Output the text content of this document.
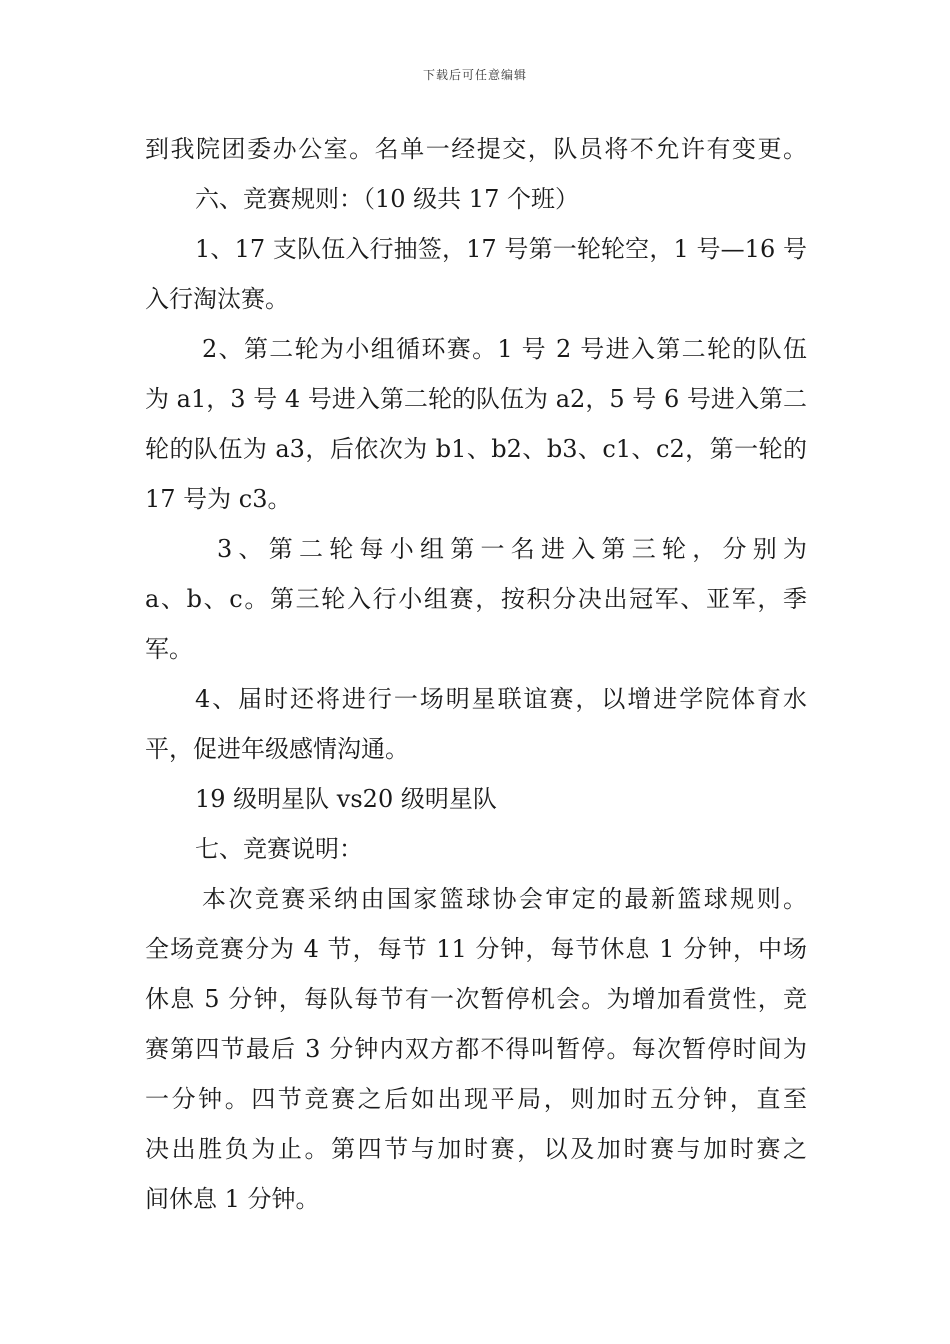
下载后可任意编辑
到我院团委办公室。名单一经提交，队员将不允许有变更。
六、竞赛规则：（10 级共 17 个班）
1、17 支队伍入行抽签，17 号第一轮轮空，1 号—16 号
入行淘汰赛。
2、第二轮为小组循环赛。1 号 2 号进入第二轮的队伍
为 a1，3 号 4 号进入第二轮的队伍为 a2，5 号 6 号进入第二
轮的队伍为 a3，后依次为 b1、b2、b3、c1、c2，第一轮的
17 号为 c3。
3、第二轮每小组第一名进入第三轮，分别为
a、b、c。第三轮入行小组赛，按积分决出冠军、亚军，季
军。
4、届时还将进行一场明星联谊赛，以增进学院体育水
平，促进年级感情沟通。
19 级明星队 vs20 级明星队
七、竞赛说明：
本次竞赛采纳由国家篮球协会审定的最新篮球规则。
全场竞赛分为 4 节，每节 11 分钟，每节休息 1 分钟，中场
休息 5 分钟，每队每节有一次暂停机会。为增加看赏性，竞
赛第四节最后 3 分钟内双方都不得叫暂停。每次暂停时间为
一分钟。四节竞赛之后如出现平局，则加时五分钟，直至
决出胜负为止。第四节与加时赛，以及加时赛与加时赛之
间休息 1 分钟。
